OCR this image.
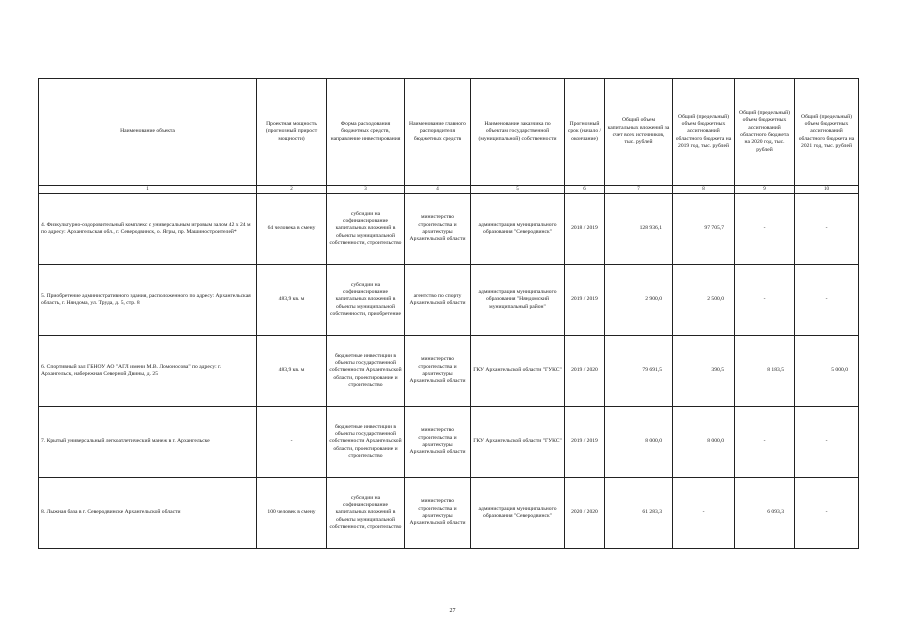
Наименование объекта	Проектная мощность (прогнозный прирост мощности)	Форма расходования бюджетных средств, направление инвестирования	Наименование главного распорядителя бюджетных средств	Наименование заказчика по объектам государственной (муниципальной) собственности	Прогнозный срок (начало / окончание)	Общий объем капитальных вложений за счет всех источников, тыс. рублей	Общий (предельный) объем бюджетных ассигнований областного бюджета на 2019 год, тыс. рублей	Общий (предельный) объем бюджетных ассигнований областного бюджета на 2020 год, тыс. рублей	Общий (предельный) объем бюджетных ассигнований областного бюджета на 2021 год, тыс. рублей
1	2	3	4	5	6	7	8	9	10
4. Физкультурно-оздоровительный комплекс с универсальным игровым залом 42 x 24 м по адресу: Архангельская обл., г. Северодвинск, о. Ягры, пр. Машиностроителей*	64 человека в смену	субсидии на софинансирование капитальных вложений в объекты муниципальной собственности, строительство	министерство строительства и архитектуры Архангельской области	администрация муниципального образования "Северодвинск"	2018 / 2019	128 936,1	97 705,7	-	-
5. Приобретение административного здания, расположенного по адресу: Архангельская область, г. Няндома, ул. Труда, д. 5, стр. 8	483,9 кв. м	субсидии на софинансирование капитальных вложений в объекты муниципальной собственности, приобретение	агентство по спорту Архангельской области	администрация муниципального образования "Няндомский муниципальный район"	2019 / 2019	2 900,0	2 500,0	-	-
6. Спортивный зал ГБНОУ АО "АГЛ имени М.В. Ломоносова" по адресу: г. Архангельск, набережная Северной Двины, д. 25	483,9 кв. м	бюджетные инвестиции в объекты государственной собственности Архангельской области, проектирование и строительство	министерство строительства и архитектуры Архангельской области	ГКУ Архангельской области "ГУКС"	2019 / 2020	79 691,5	390,5	8 183,5	5 000,0
7. Крытый универсальный легкоатлетический манеж в г. Архангельске	-	бюджетные инвестиции в объекты государственной собственности Архангельской области, проектирование и строительство	министерство строительства и архитектуры Архангельской области	ГКУ Архангельской области "ГУКС"	2019 / 2019	8 000,0	8 000,0	-	-
8. Лыжная база в г. Северодвинске Архангельской области	100 человек в смену	субсидии на софинансирование капитальных вложений в объекты муниципальной собственности, строительство	министерство строительства и архитектуры Архангельской области	администрация муниципального образования "Северодвинск"	2020 / 2020	61 283,3	-	6 093,3	-
27
